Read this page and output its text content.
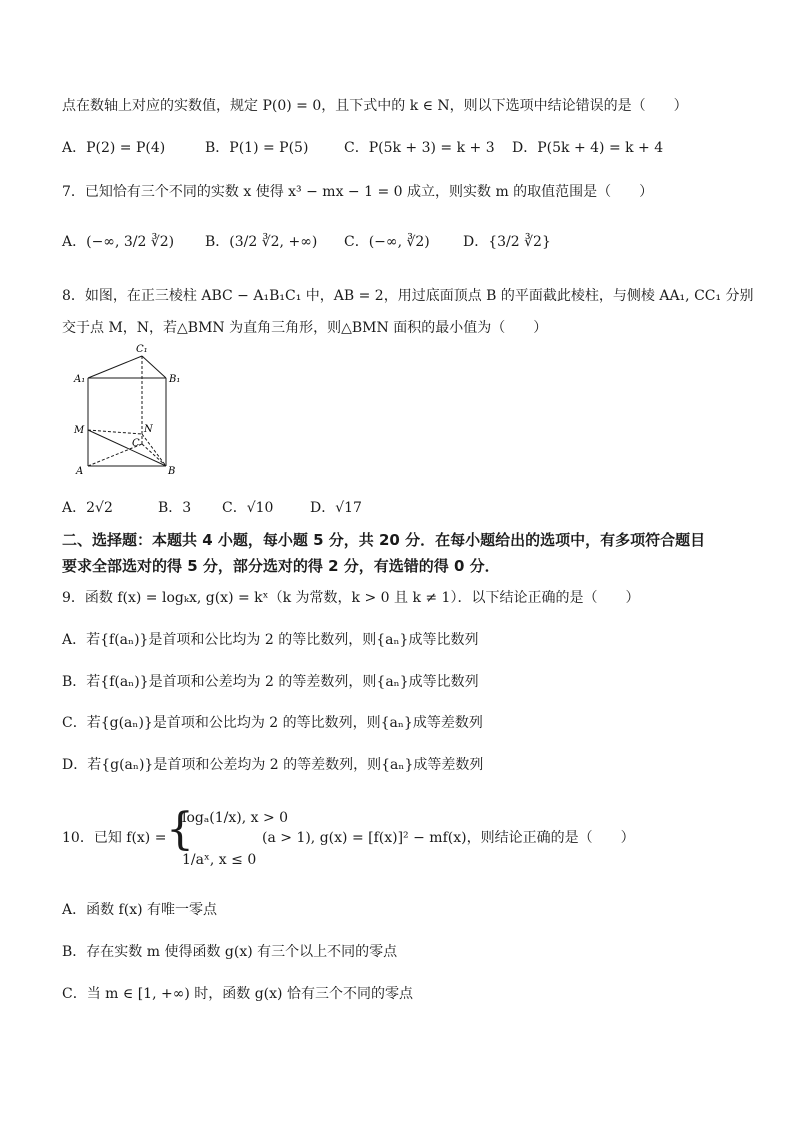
点在数轴上对应的实数值，规定 P(0) = 0，且下式中的 k ∈ N，则以下选项中结论错误的是（　　）
A．P(2) = P(4)	B．P(1) = P(5)	C．P(5k + 3) = k + 3 D．P(5k + 4) = k + 4
7．已知恰有三个不同的实数 x 使得 x³ − mx − 1 = 0 成立，则实数 m 的取值范围是（　　）
A．(−∞, 3/2 ∛2) B．(3/2 ∛2, +∞) C．(−∞, ∛2) D．{3/2 ∛2}
8．如图，在正三棱柱 ABC − A₁B₁C₁ 中，AB = 2，用过底面顶点 B 的平面截此棱柱，与侧棱 AA₁, CC₁ 分别
交于点 M，N，若△BMN 为直角三角形，则△BMN 面积的最小值为（　　）
C₁
A₁	B₁
M	N
C
A	B
A．2√2	B．3 C．√10	D．√17
二、选择题：本题共 4 小题，每小题 5 分，共 20 分．在每小题给出的选项中，有多项符合题目
要求全部选对的得 5 分，部分选对的得 2 分，有选错的得 0 分．
9．函数 f(x) = logₖx, g(x) = kˣ（k 为常数，k > 0 且 k ≠ 1）．以下结论正确的是（　　）
A．若{f(aₙ)}是首项和公比均为 2 的等比数列，则{aₙ}成等比数列
B．若{f(aₙ)}是首项和公差均为 2 的等差数列，则{aₙ}成等比数列
C．若{g(aₙ)}是首项和公比均为 2 的等比数列，则{aₙ}成等差数列
D．若{g(aₙ)}是首项和公差均为 2 的等差数列，则{aₙ}成等差数列
10．已知 f(x) = {
logₐ(1/x), x > 0
1/aˣ, x ≤ 0
(a > 1), g(x) = [f(x)]² − mf(x)，则结论正确的是（　　）
A．函数 f(x) 有唯一零点
B．存在实数 m 使得函数 g(x) 有三个以上不同的零点
C．当 m ∈ [1, +∞) 时，函数 g(x) 恰有三个不同的零点
